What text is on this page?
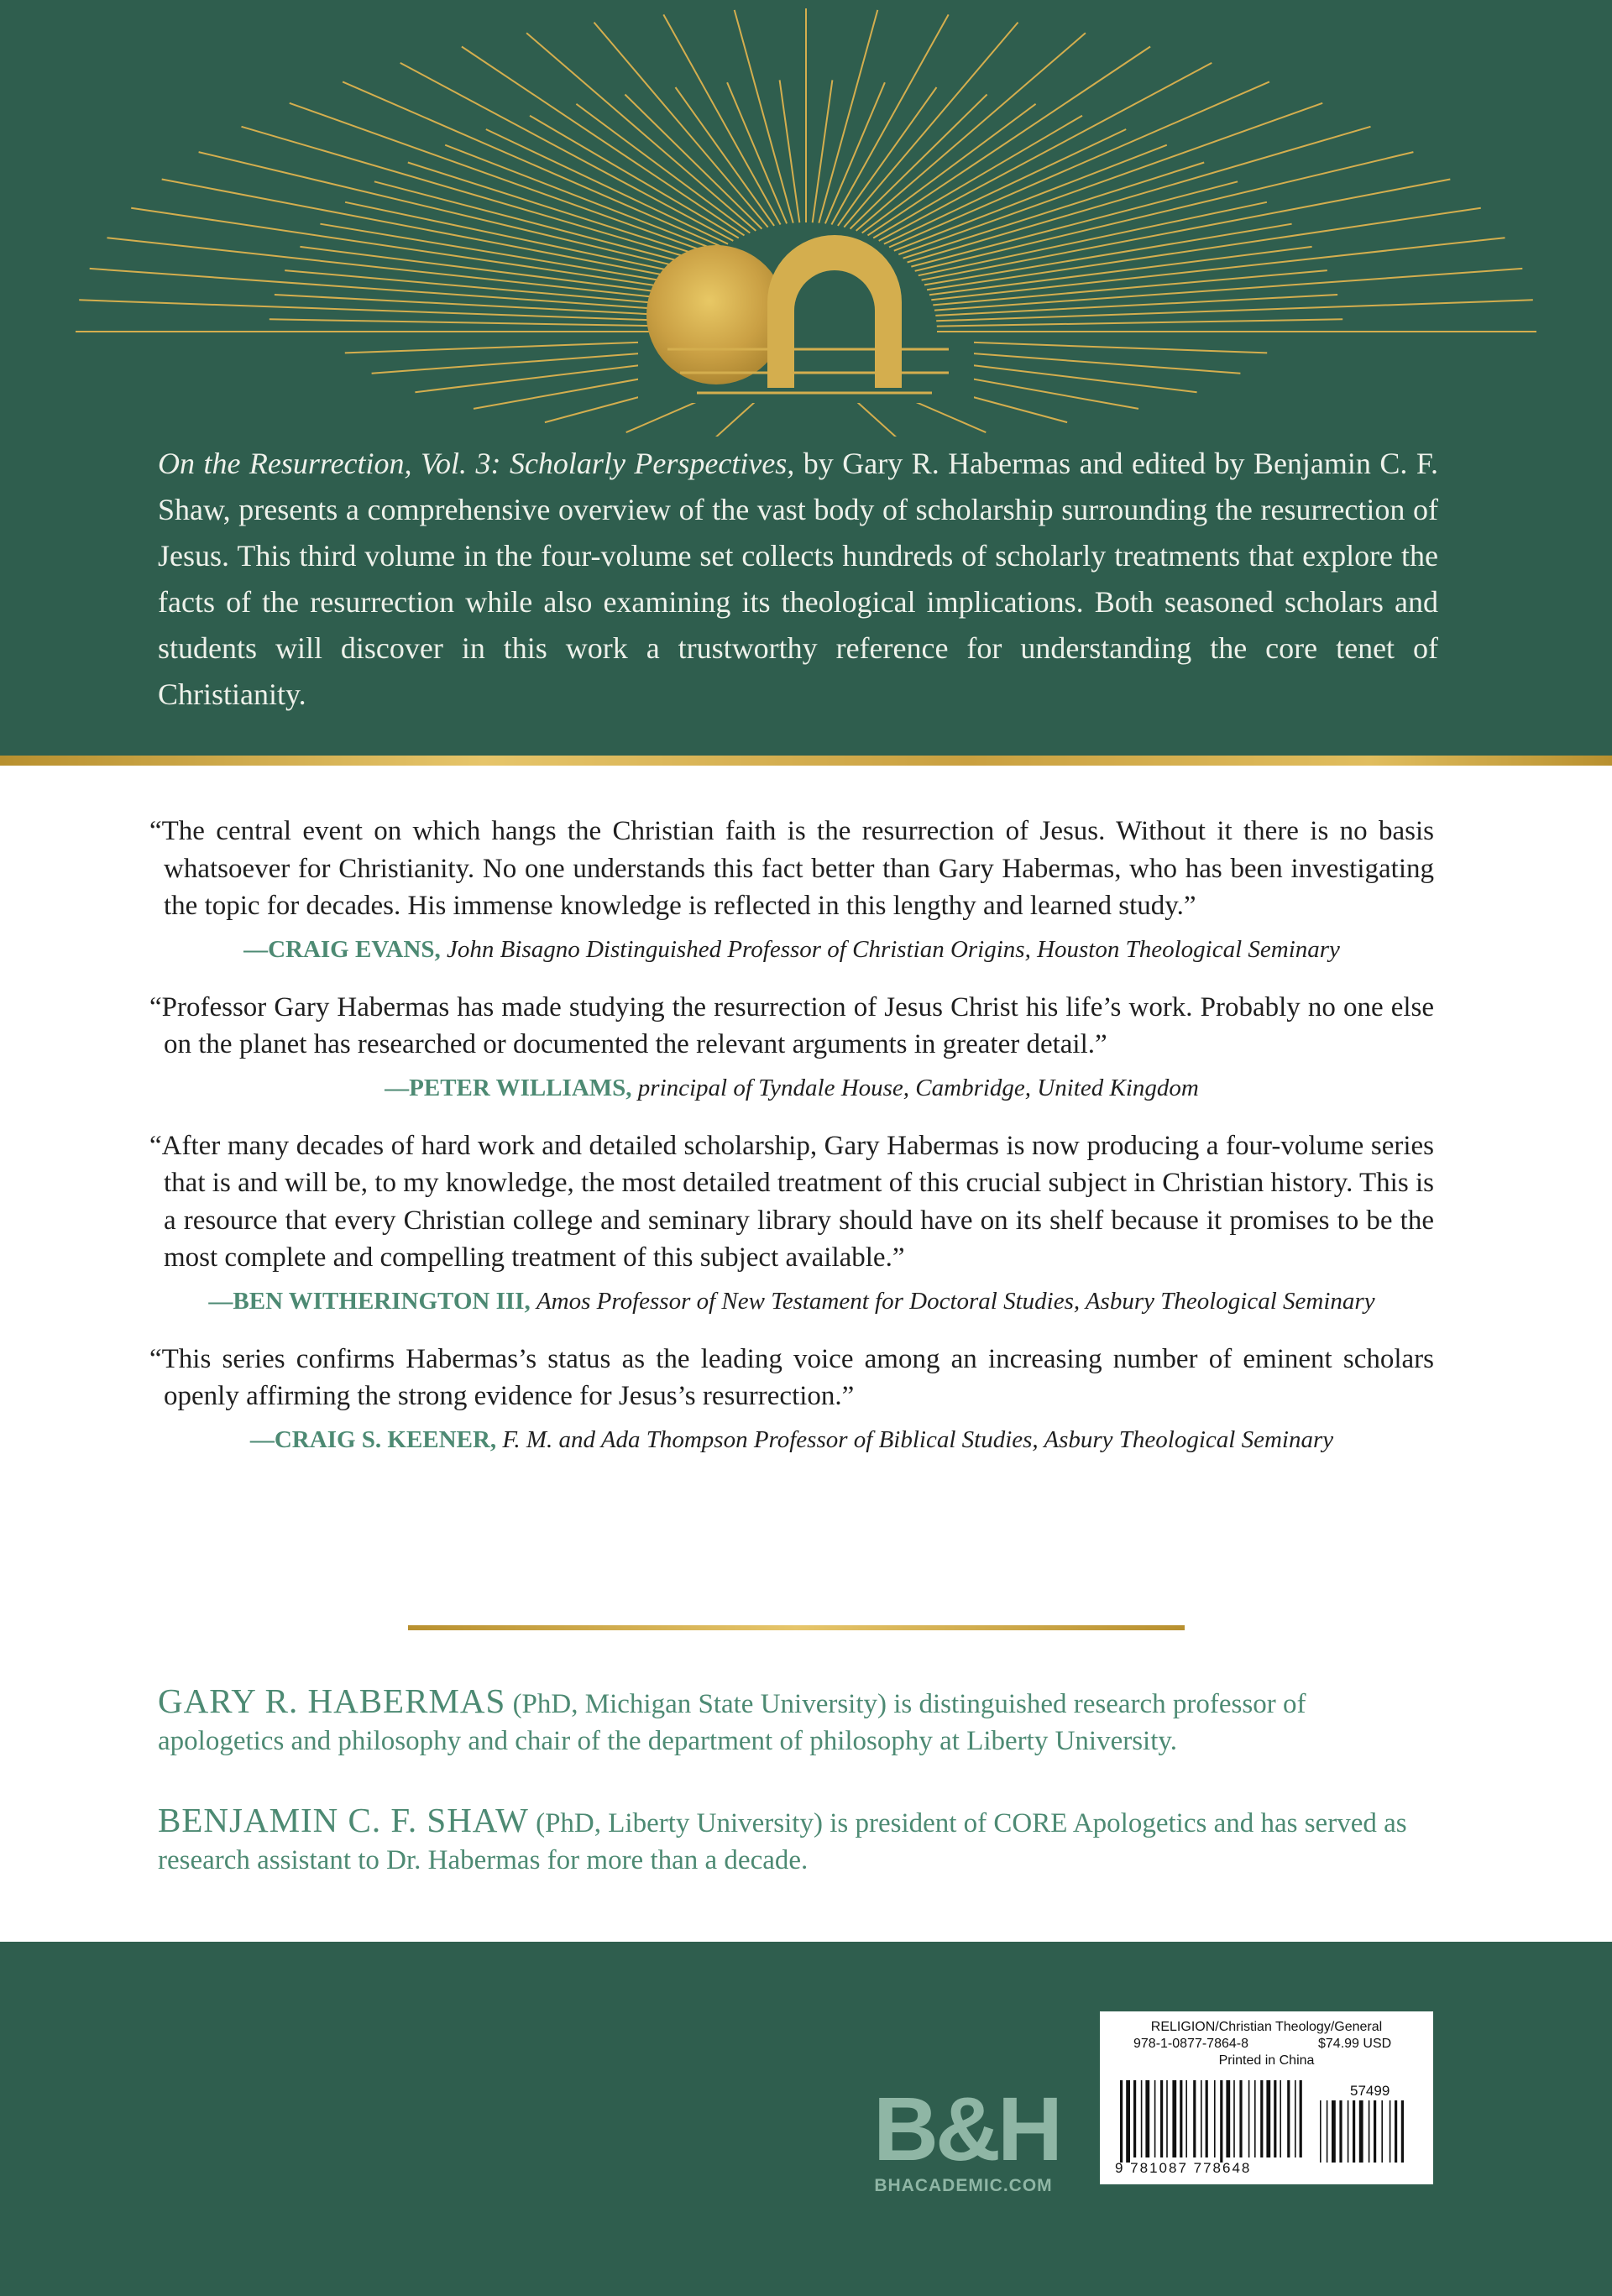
On the Resurrection, Vol. 3: Scholarly Perspectives, by Gary R. Habermas and edited by Benjamin C. F. Shaw, presents a comprehensive overview of the vast body of scholarship surrounding the resurrection of Jesus. This third volume in the four-volume set collects hundreds of scholarly treatments that explore the facts of the resurrection while also examining its theological implications. Both seasoned scholars and students will discover in this work a trustworthy reference for understanding the core tenet of Christianity.

“The central event on which hangs the Christian faith is the resurrection of Jesus. Without it there is no basis whatsoever for Christianity. No one understands this fact better than Gary Habermas, who has been investigating the topic for decades. His immense knowledge is reflected in this lengthy and learned study.”

—CRAIG EVANS, John Bisagno Distinguished Professor of Christian Origins, Houston Theological Seminary

“Professor Gary Habermas has made studying the resurrection of Jesus Christ his life’s work. Probably no one else on the planet has researched or documented the relevant arguments in greater detail.”

—PETER WILLIAMS, principal of Tyndale House, Cambridge, United Kingdom

“After many decades of hard work and detailed scholarship, Gary Habermas is now producing a four-volume series that is and will be, to my knowledge, the most detailed treatment of this crucial subject in Christian history. This is a resource that every Christian college and seminary library should have on its shelf because it promises to be the most complete and compelling treatment of this subject available.”

—BEN WITHERINGTON III, Amos Professor of New Testament for Doctoral Studies, Asbury Theological Seminary

“This series confirms Habermas’s status as the leading voice among an increasing number of eminent scholars openly affirming the strong evidence for Jesus’s resurrection.”

—CRAIG S. KEENER, F. M. and Ada Thompson Professor of Biblical Studies, Asbury Theological Seminary

GARY R. HABERMAS (PhD, Michigan State University) is distinguished research professor of apologetics and philosophy and chair of the department of philosophy at Liberty University.

BENJAMIN C. F. SHAW (PhD, Liberty University) is president of CORE Apologetics and has served as research assistant to Dr. Habermas for more than a decade.

B&H
BHACADEMIC.COM
RELIGION/Christian Theology/General
978-1-0877-7864-8	$74.99 USD
Printed in China
57499
9 781087 778648
